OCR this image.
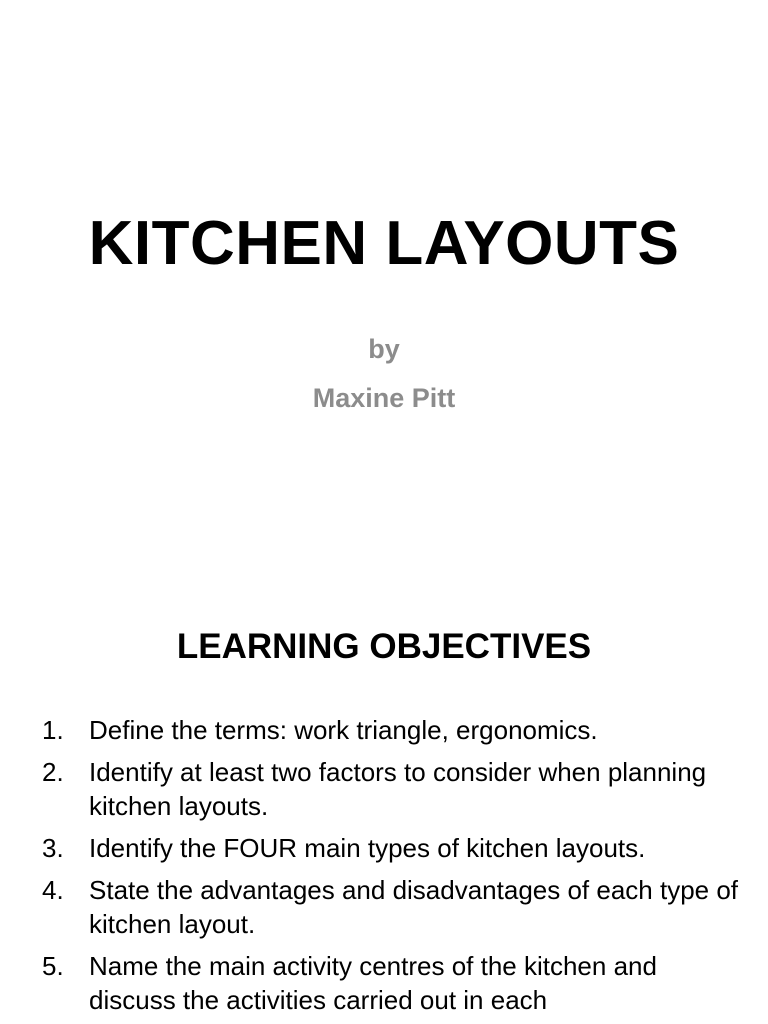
KITCHEN LAYOUTS

by

Maxine Pitt

LEARNING OBJECTIVES
1. Define the terms: work triangle, ergonomics.
2. Identify at least two factors to consider when planning kitchen layouts.
3. Identify the FOUR main types of kitchen layouts.
4. State the advantages and disadvantages of each type of kitchen layout.
5. Name the main activity centres of the kitchen and discuss the activities carried out in each
